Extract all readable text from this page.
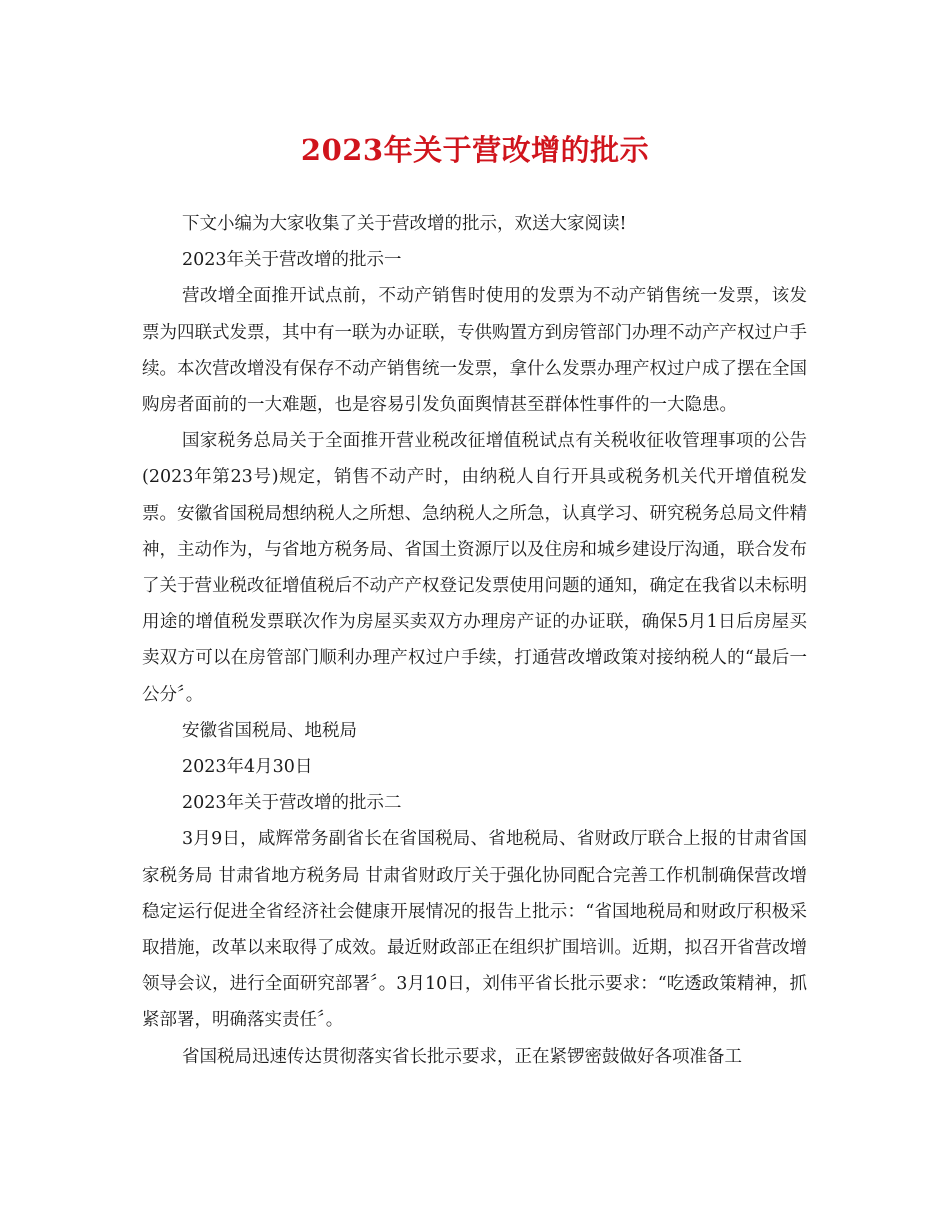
2023年关于营改增的批示

下文小编为大家收集了关于营改增的批示，欢送大家阅读!

2023年关于营改增的批示一

营改增全面推开试点前，不动产销售时使用的发票为不动产销售统一发票，该发票为四联式发票，其中有一联为办证联，专供购置方到房管部门办理不动产产权过户手续。本次营改增没有保存不动产销售统一发票，拿什么发票办理产权过户成了摆在全国购房者面前的一大难题，也是容易引发负面舆情甚至群体性事件的一大隐患。

国家税务总局关于全面推开营业税改征增值税试点有关税收征收管理事项的公告(2023年第23号)规定，销售不动产时，由纳税人自行开具或税务机关代开增值税发票。安徽省国税局想纳税人之所想、急纳税人之所急，认真学习、研究税务总局文件精神，主动作为，与省地方税务局、省国土资源厅以及住房和城乡建设厅沟通，联合发布了关于营业税改征增值税后不动产产权登记发票使用问题的通知，确定在我省以未标明用途的增值税发票联次作为房屋买卖双方办理房产证的办证联，确保5月1日后房屋买卖双方可以在房管部门顺利办理产权过户手续，打通营改增政策对接纳税人的“最后一公分〞。

安徽省国税局、地税局

2023年4月30日

2023年关于营改增的批示二

3月9日，咸辉常务副省长在省国税局、省地税局、省财政厅联合上报的甘肃省国家税务局 甘肃省地方税务局 甘肃省财政厅关于强化协同配合完善工作机制确保营改增稳定运行促进全省经济社会健康开展情况的报告上批示：“省国地税局和财政厅积极采取措施，改革以来取得了成效。最近财政部正在组织扩围培训。近期，拟召开省营改增领导会议，进行全面研究部署〞。3月10日，刘伟平省长批示要求：“吃透政策精神，抓紧部署，明确落实责任〞。

省国税局迅速传达贯彻落实省长批示要求，正在紧锣密鼓做好各项准备工
